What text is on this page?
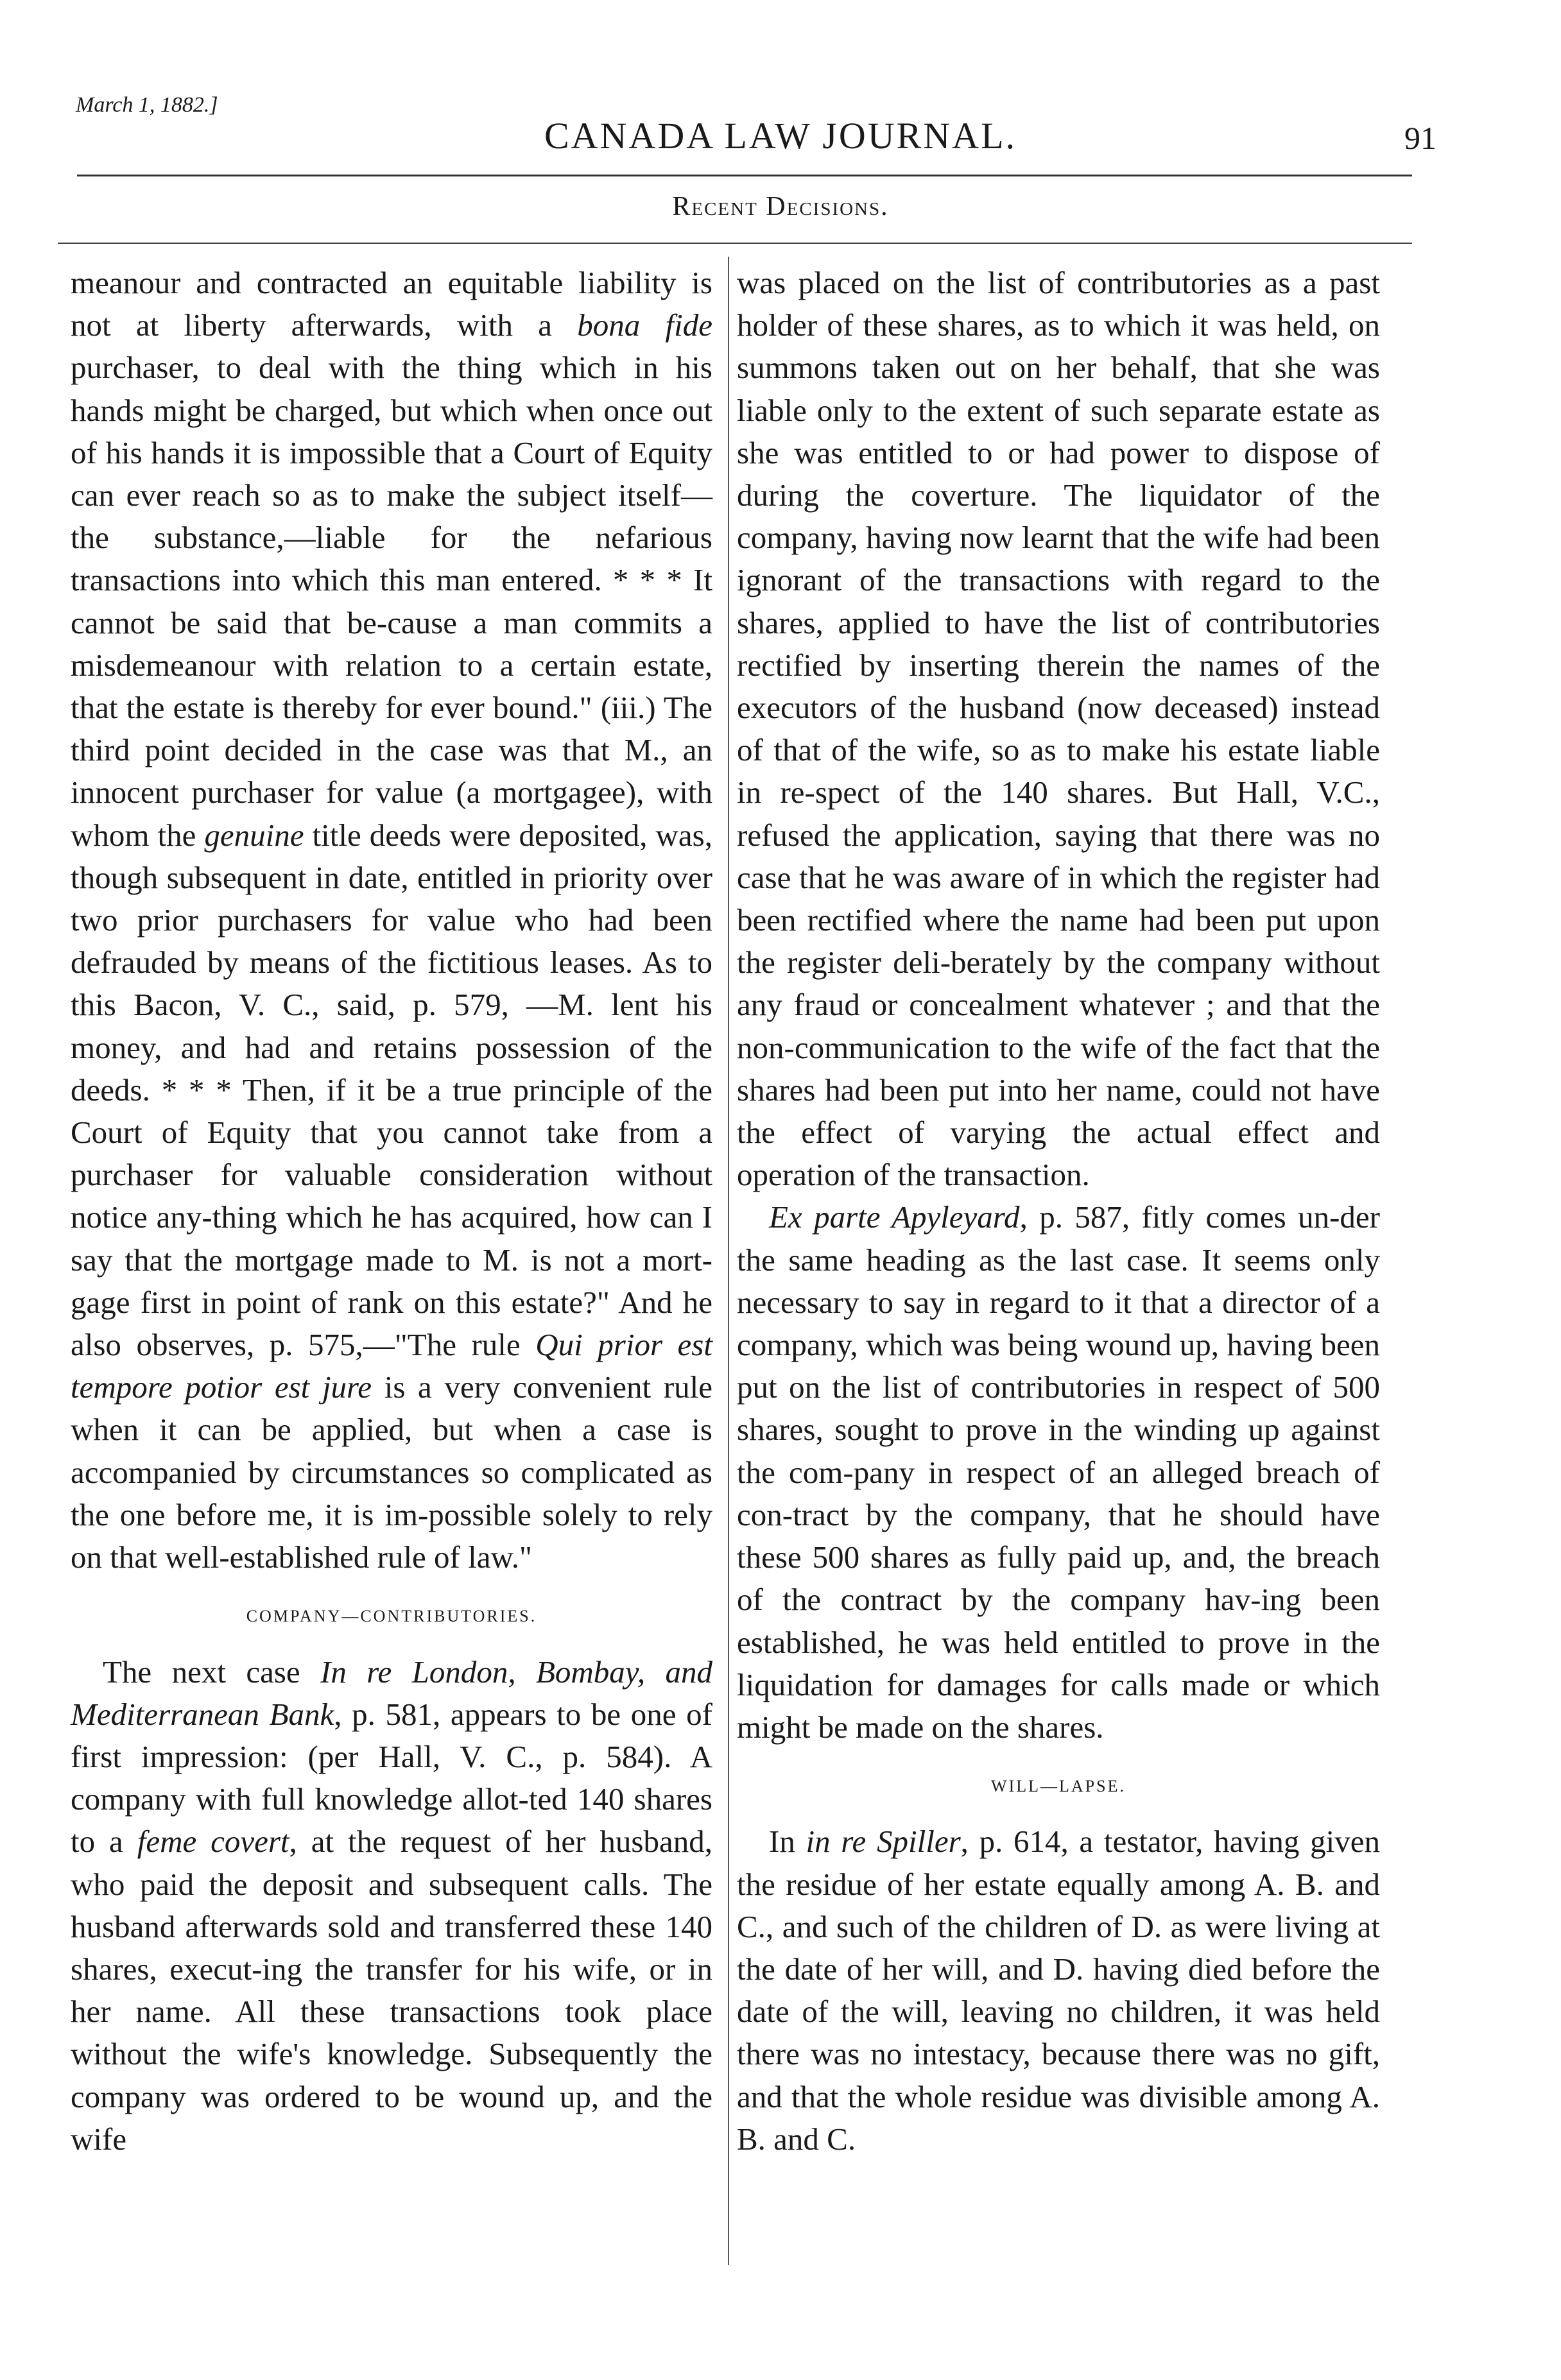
March 1, 1882.]
CANADA LAW JOURNAL.	91
Recent Decisions.

meanour and contracted an equitable liability is not at liberty afterwards, with a bona fide purchaser, to deal with the thing which in his hands might be charged, but which when once out of his hands it is impossible that a Court of Equity can ever reach so as to make the subject itself—the substance,—liable for the nefarious transactions into which this man entered. * * * It cannot be said that be-cause a man commits a misdemeanour with relation to a certain estate, that the estate is thereby for ever bound." (iii.) The third point decided in the case was that M., an innocent purchaser for value (a mortgagee), with whom the genuine title deeds were deposited, was, though subsequent in date, entitled in priority over two prior purchasers for value who had been defrauded by means of the fictitious leases. As to this Bacon, V. C., said, p. 579, —M. lent his money, and had and retains possession of the deeds. * * * Then, if it be a true principle of the Court of Equity that you cannot take from a purchaser for valuable consideration without notice any-thing which he has acquired, how can I say that the mortgage made to M. is not a mort-gage first in point of rank on this estate?" And he also observes, p. 575,—"The rule Qui prior est tempore potior est jure is a very convenient rule when it can be applied, but when a case is accompanied by circumstances so complicated as the one before me, it is im-possible solely to rely on that well-established rule of law."

COMPANY—CONTRIBUTORIES.

The next case In re London, Bombay, and Mediterranean Bank, p. 581, appears to be one of first impression: (per Hall, V. C., p. 584). A company with full knowledge allot-ted 140 shares to a feme covert, at the request of her husband, who paid the deposit and subsequent calls. The husband afterwards sold and transferred these 140 shares, execut-ing the transfer for his wife, or in her name. All these transactions took place without the wife's knowledge. Subsequently the company was ordered to be wound up, and the wife

was placed on the list of contributories as a past holder of these shares, as to which it was held, on summons taken out on her behalf, that she was liable only to the extent of such separate estate as she was entitled to or had power to dispose of during the coverture. The liquidator of the company, having now learnt that the wife had been ignorant of the transactions with regard to the shares, applied to have the list of contributories rectified by inserting therein the names of the executors of the husband (now deceased) instead of that of the wife, so as to make his estate liable in re-spect of the 140 shares. But Hall, V.C., refused the application, saying that there was no case that he was aware of in which the register had been rectified where the name had been put upon the register deli-berately by the company without any fraud or concealment whatever ; and that the non-communication to the wife of the fact that the shares had been put into her name, could not have the effect of varying the actual effect and operation of the transaction.

Ex parte Apyleyard, p. 587, fitly comes un-der the same heading as the last case. It seems only necessary to say in regard to it that a director of a company, which was being wound up, having been put on the list of contributories in respect of 500 shares, sought to prove in the winding up against the com-pany in respect of an alleged breach of con-tract by the company, that he should have these 500 shares as fully paid up, and, the breach of the contract by the company hav-ing been established, he was held entitled to prove in the liquidation for damages for calls made or which might be made on the shares.

WILL—LAPSE.

In in re Spiller, p. 614, a testator, having given the residue of her estate equally among A. B. and C., and such of the children of D. as were living at the date of her will, and D. having died before the date of the will, leaving no children, it was held there was no intestacy, because there was no gift, and that the whole residue was divisible among A. B. and C.
